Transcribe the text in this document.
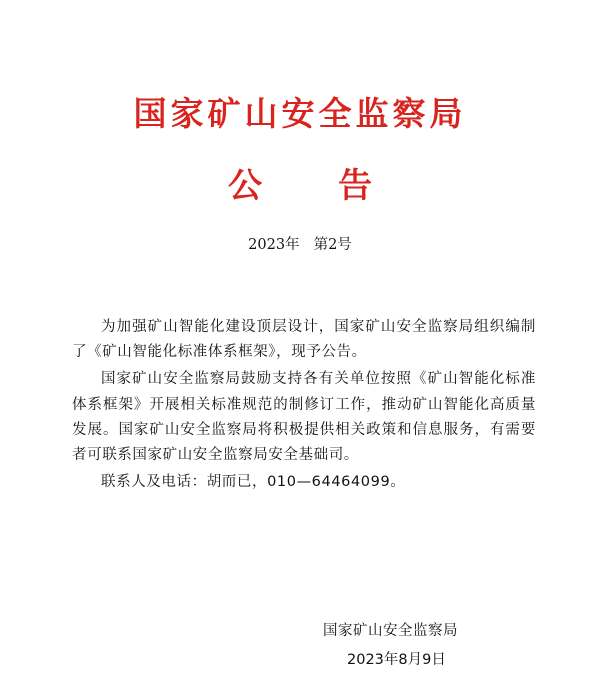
国家矿山安全监察局
公 告
2023年 第2号

为加强矿山智能化建设顶层设计，国家矿山安全监察局组织编制了《矿山智能化标准体系框架》，现予公告。

国家矿山安全监察局鼓励支持各有关单位按照《矿山智能化标准体系框架》开展相关标准规范的制修订工作，推动矿山智能化高质量发展。国家矿山安全监察局将积极提供相关政策和信息服务，有需要者可联系国家矿山安全监察局安全基础司。

联系人及电话：胡而已，010—64464099。

国家矿山安全监察局
2023年8月9日
